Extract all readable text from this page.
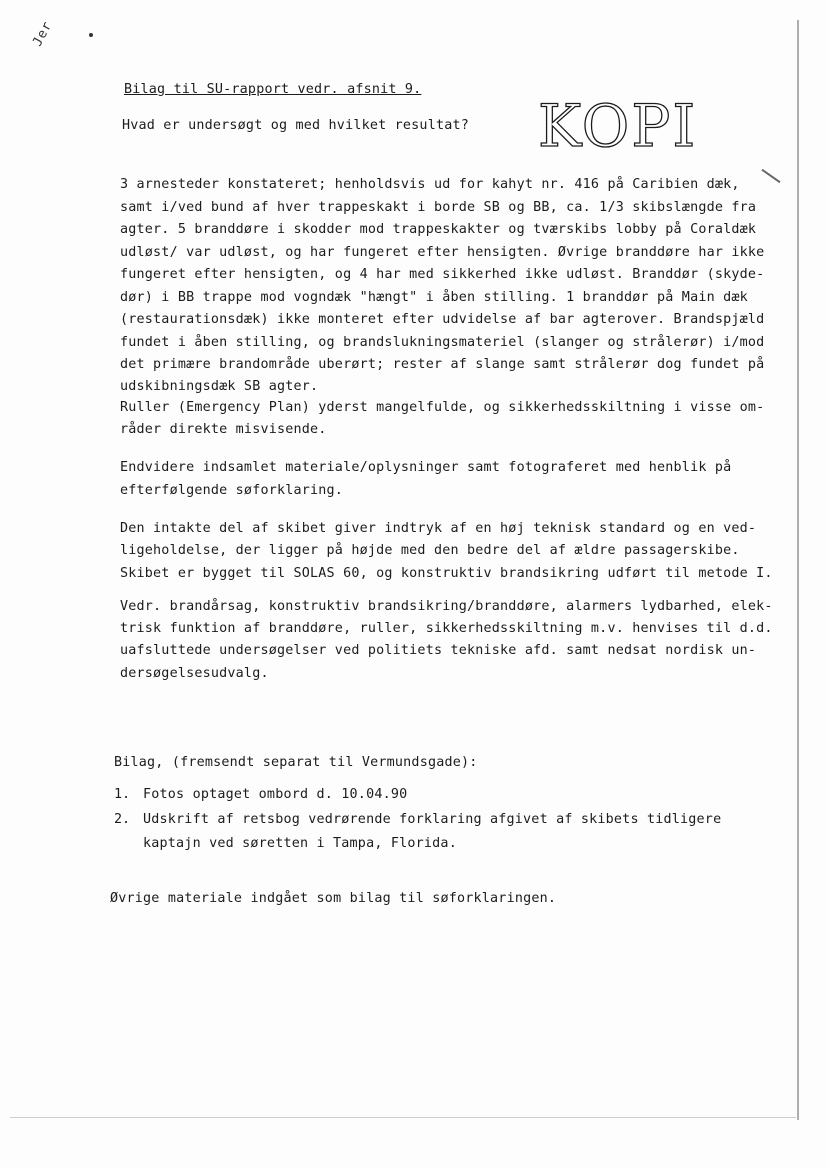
Jer
Bilag til SU-rapport vedr. afsnit 9.
Hvad er undersøgt og med hvilket resultat? KOPI
3 arnesteder konstateret; henholdsvis ud for kahyt nr. 416 på Caribien dæk,
samt i/ved bund af hver trappeskakt i borde SB og BB, ca. 1/3 skibslængde fra
agter. 5 branddøre i skodder mod trappeskakter og tværskibs lobby på Coraldæk
udløst/ var udløst, og har fungeret efter hensigten. Øvrige branddøre har ikke
fungeret efter hensigten, og 4 har med sikkerhed ikke udløst. Branddør (skyde-
dør) i BB trappe mod vogndæk "hængt" i åben stilling. 1 branddør på Main dæk
(restaurationsdæk) ikke monteret efter udvidelse af bar agterover. Brandspjæld
fundet i åben stilling, og brandslukningsmateriel (slanger og strålerør) i/mod
det primære brandområde uberørt; rester af slange samt strålerør dog fundet på
udskibningsdæk SB agter.
Ruller (Emergency Plan) yderst mangelfulde, og sikkerhedsskiltning i visse om-
råder direkte misvisende.
Endvidere indsamlet materiale/oplysninger samt fotograferet med henblik på
efterfølgende søforklaring.
Den intakte del af skibet giver indtryk af en høj teknisk standard og en ved-
ligeholdelse, der ligger på højde med den bedre del af ældre passagerskibe.
Skibet er bygget til SOLAS 60, og konstruktiv brandsikring udført til metode I.
Vedr. brandårsag, konstruktiv brandsikring/branddøre, alarmers lydbarhed, elek-
trisk funktion af branddøre, ruller, sikkerhedsskiltning m.v. henvises til d.d.
uafsluttede undersøgelser ved politiets tekniske afd. samt nedsat nordisk un-
dersøgelsesudvalg.
Bilag, (fremsendt separat til Vermundsgade):
1. Fotos optaget ombord d. 10.04.90
2. Udskrift af retsbog vedrørende forklaring afgivet af skibets tidligere
kaptajn ved søretten i Tampa, Florida.
Øvrige materiale indgået som bilag til søforklaringen.
